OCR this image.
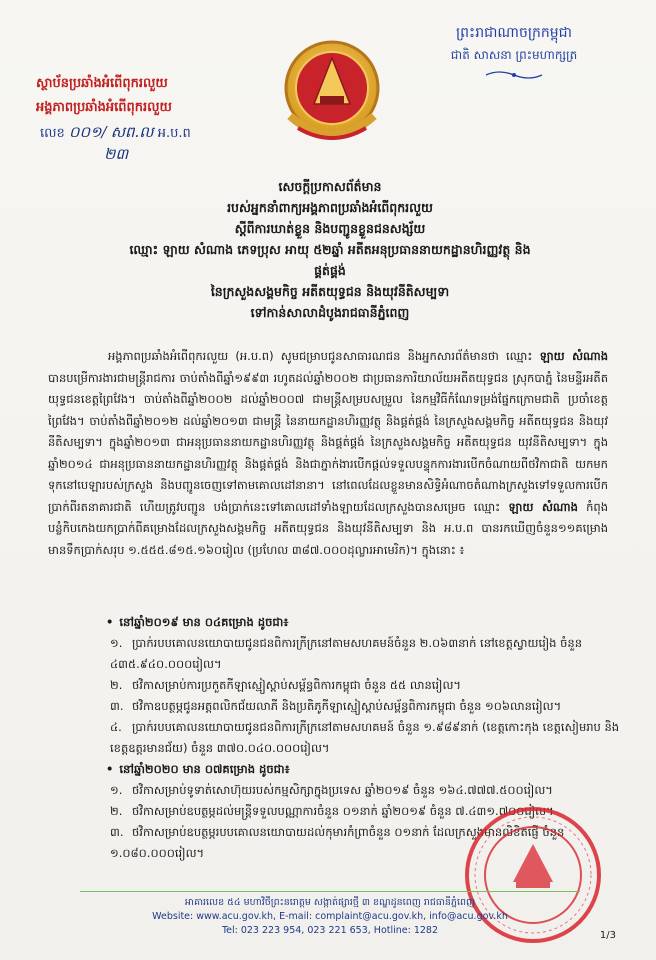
ព្រះរាជាណាចក្រកម្ពុជា
ជាតិ សាសនា ព្រះមហាក្សត្រ
ស្ថាប័នប្រឆាំងអំពើពុករលួយ
អង្គភាពប្រឆាំងអំពើពុករលួយ
លេខ ០០១/ សព.ល អ.ប.ព
២៣
សេចក្តីប្រកាសព័ត៌មាន
របស់អ្នកនាំពាក្យអង្គភាពប្រឆាំងអំពើពុករលួយ
ស្តីពីការឃាត់ខ្លួន និងបញ្ជូនខ្លួនជនសង្ស័យ
ឈ្មោះ ឡាយ សំណាង ភេទប្រុស អាយុ ៥២ឆ្នាំ អតីតអនុប្រធាននាយកដ្ឋានហិរញ្ញវត្ថុ និងផ្គត់ផ្គង់
នៃក្រសួងសង្គមកិច្ច អតីតយុទ្ធជន និងយុវនីតិសម្បទា
ទៅកាន់សាលាដំបូងរាជធានីភ្នំពេញ
អង្គភាពប្រឆាំងអំពើពុករលួយ (អ.ប.ព) សូមជម្រាបជូនសាធារណជន និងអ្នកសារព័ត៌មានថា ឈ្មោះ ឡាយ សំណាង បានបម្រើការងារជាមន្រ្តីរាជការ ចាប់តាំងពីឆ្នាំ១៩៩៣ រហូតដល់ឆ្នាំ២០០២ ជាប្រធានការិយាល័យអតីតយុទ្ធជន ស្រុកបាភ្នំ នៃមន្ទីរអតីតយុទ្ធជនខេត្តព្រៃវែង។ ចាប់តាំងពីឆ្នាំ២០០២ ដល់ឆ្នាំ២០០៧ ជាមន្ត្រីសម្របសម្រួល នៃកម្មវិធីកំណែទម្រង់ផ្នែកក្រោមជាតិ ប្រចាំខេត្តព្រៃវែង។ ចាប់តាំងពីឆ្នាំ២០១២ ដល់ឆ្នាំ២០១៣ ជាមន្ត្រី នៃនាយកដ្ឋានហិរញ្ញវត្ថុ និងផ្គត់ផ្គង់ នៃក្រសួងសង្គមកិច្ច អតីតយុទ្ធជន និងយុវនីតិសម្បទា។ ក្នុងឆ្នាំ២០១៣ ជាអនុប្រធាននាយកដ្ឋានហិរញ្ញវត្ថុ និងផ្គត់ផ្គង់ នៃក្រសួងសង្គមកិច្ច អតីតយុទ្ធជន យុវនីតិសម្បទា។ ក្នុងឆ្នាំ២០១៤ ជាអនុប្រធាននាយកដ្ឋានហិរញ្ញវត្ថុ និងផ្គត់ផ្គង់ និងជាភ្នាក់ងារបើកផ្តល់ទទួលបន្ទុកការងារបើកចំណាយពីថវិកាជាតិ យកមកទុកនៅបេឡារបស់ក្រសួង និងបញ្ជូនចេញទៅតាមគោលដៅនានា។ នៅពេលដែលខ្លួនមានសិទ្ធិអំណាចតំណាងក្រសួងទៅទទួលការបើកប្រាក់ពីរតនាគារជាតិ ហើយត្រូវបញ្ជូន បង់ប្រាក់នេះទៅគោលដៅទាំងឡាយដែលក្រសួងបានសម្រេច ឈ្មោះ ឡាយ សំណាង កំពុងបន្លំកិបកេងយកប្រាក់ពីគម្រោងដែលក្រសួងសង្គមកិច្ច អតីតយុទ្ធជន និងយុវនីតិសម្បទា និង អ.ប.ព បានរកឃើញចំនួន១១គម្រោង មានទឹកប្រាក់សរុប ១.៥៥៥.៨១៥.១៦០រៀល (ប្រហែល ៣៨៧.០០០ដុល្លារអាមេរិក)។ ក្នុងនោះ ៖
• នៅឆ្នាំ២០១៩ មាន ០៤គម្រោង ដូចជា៖
១. ប្រាក់របបគោលនយោបាយជូនជនពិការក្រីក្រនៅតាមសហគមន៍ចំនួន ២.០៦៣នាក់ នៅខេត្តស្វាយរៀង ចំនួន ៤៣៥.៩៤០.០០០រៀល។
២. ថវិកាសម្រាប់ការប្រកួតកីឡាស្មៀស្ដាប់សម្ព័ន្ធពិការកម្ពុជា ចំនួន ៥៥ លានរៀល។
៣. ថវិកាឧបត្ថម្ភជូនអត្តពលិកជ័យលាភី និងប្រតិភូកីឡាស្មៀស្ដាប់សម្ព័ន្ធពិការកម្ពុជា ចំនួន ១០៦លានរៀល។
៤. ប្រាក់របបគោលនយោបាយជូនជនពិការក្រីក្រនៅតាមសហគមន៍ ចំនួន ១.៩៨៩នាក់ (ខេត្តកោះកុង ខេត្តសៀមរាប និងខេត្តឧត្តរមានជ័យ) ចំនួន ៣៧០.០៤០.០០០រៀល។
• នៅឆ្នាំ២០២០ មាន ០៧គម្រោង ដូចជា៖
១. ថវិកាសម្រាប់ទូទាត់សោហ៊ុយរបស់កម្មសិក្សាក្នុងប្រទេស ឆ្នាំ២០១៩ ចំនួន ១៦៤.៧៧៧.៥០០រៀល។
២. ថវិកាសម្រាប់ឧបត្ថម្ភដល់មន្ត្រីទទួលបណ្ណាការចំនួន ០១នាក់ ឆ្នាំ២០១៩ ចំនួន ៧.៤៣១.៧០០រៀល។
៣. ថវិកាសម្រាប់ឧបត្ថម្ភរបបគោលនយោបាយដល់កុមារកំព្រាចំនួន ០១នាក់ ដែលក្រសួងមានលិខិតផ្ញើ ចំនួន ១.០៨០.០០០រៀល។
អាគារលេខ ៥៤ មហាវិថីព្រះនរោត្តម សង្កាត់ផ្សារថ្មី ៣ ខណ្ឌដូនពេញ រាជធានីភ្នំពេញ
Website: www.acu.gov.kh, E-mail: complaint@acu.gov.kh, info@acu.gov.kh
Tel: 023 223 954, 023 221 653, Hotline: 1282	1/3
